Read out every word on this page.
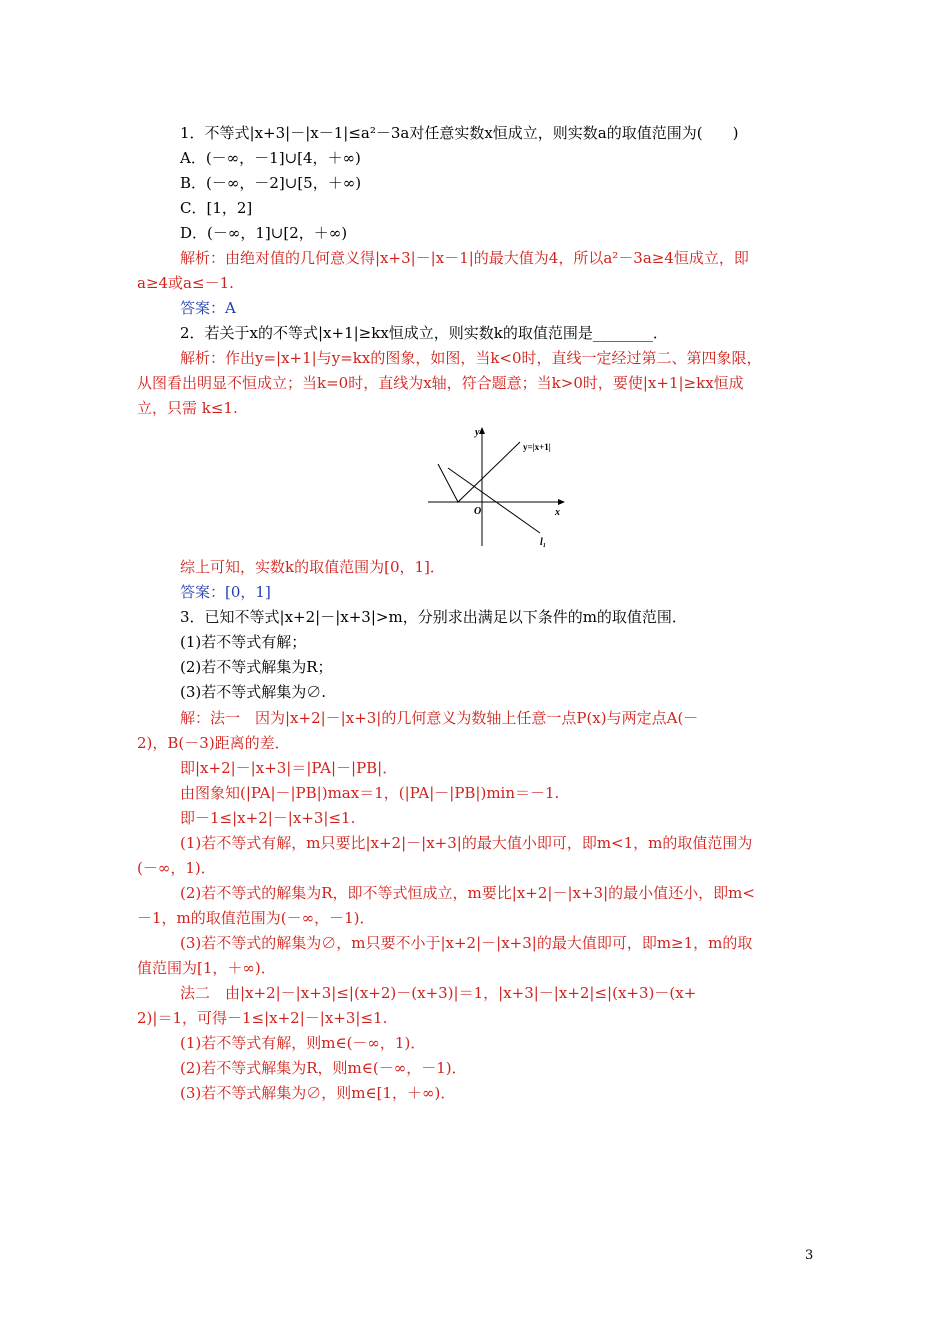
1．不等式|x+3|－|x－1|≤a²－3a对任意实数x恒成立，则实数a的取值范围为(　　)
A．(－∞，－1]∪[4，＋∞)
B．(－∞，－2]∪[5，＋∞)
C．[1，2]
D．(－∞，1]∪[2，＋∞)
解析：由绝对值的几何意义得|x+3|－|x－1|的最大值为4，所以a²－3a≥4恒成立，即
a≥4或a≤－1.
答案：A
2．若关于x的不等式|x+1|≥kx恒成立，则实数k的取值范围是________．
解析：作出y=|x+1|与y=kx的图象，如图，当k<0时，直线一定经过第二、第四象限，
从图看出明显不恒成立；当k=0时，直线为x轴，符合题意；当k>0时，要使|x+1|≥kx恒成
立，只需 k≤1.
y
x
O
y=|x+1|
l₁
综上可知，实数k的取值范围为[0，1]．
答案：[0，1]
3．已知不等式|x+2|－|x+3|>m，分别求出满足以下条件的m的取值范围．
(1)若不等式有解；
(2)若不等式解集为R；
(3)若不等式解集为∅.
解：法一　因为|x+2|－|x+3|的几何意义为数轴上任意一点P(x)与两定点A(－
2)，B(－3)距离的差．
即|x+2|－|x+3|＝|PA|－|PB|．
由图象知(|PA|－|PB|)max＝1，(|PA|－|PB|)min＝－1.
即－1≤|x+2|－|x+3|≤1.
(1)若不等式有解，m只要比|x+2|－|x+3|的最大值小即可，即m<1，m的取值范围为
(－∞，1)．
(2)若不等式的解集为R，即不等式恒成立，m要比|x+2|－|x+3|的最小值还小，即m<
－1，m的取值范围为(－∞，－1)．
(3)若不等式的解集为∅，m只要不小于|x+2|－|x+3|的最大值即可，即m≥1，m的取
值范围为[1，＋∞)．
法二　由|x+2|－|x+3|≤|(x+2)－(x+3)|＝1，|x+3|－|x+2|≤|(x+3)－(x+
2)|＝1，可得－1≤|x+2|－|x+3|≤1.
(1)若不等式有解，则m∈(－∞，1)．
(2)若不等式解集为R，则m∈(－∞，－1)．
(3)若不等式解集为∅，则m∈[1，＋∞)．
3
